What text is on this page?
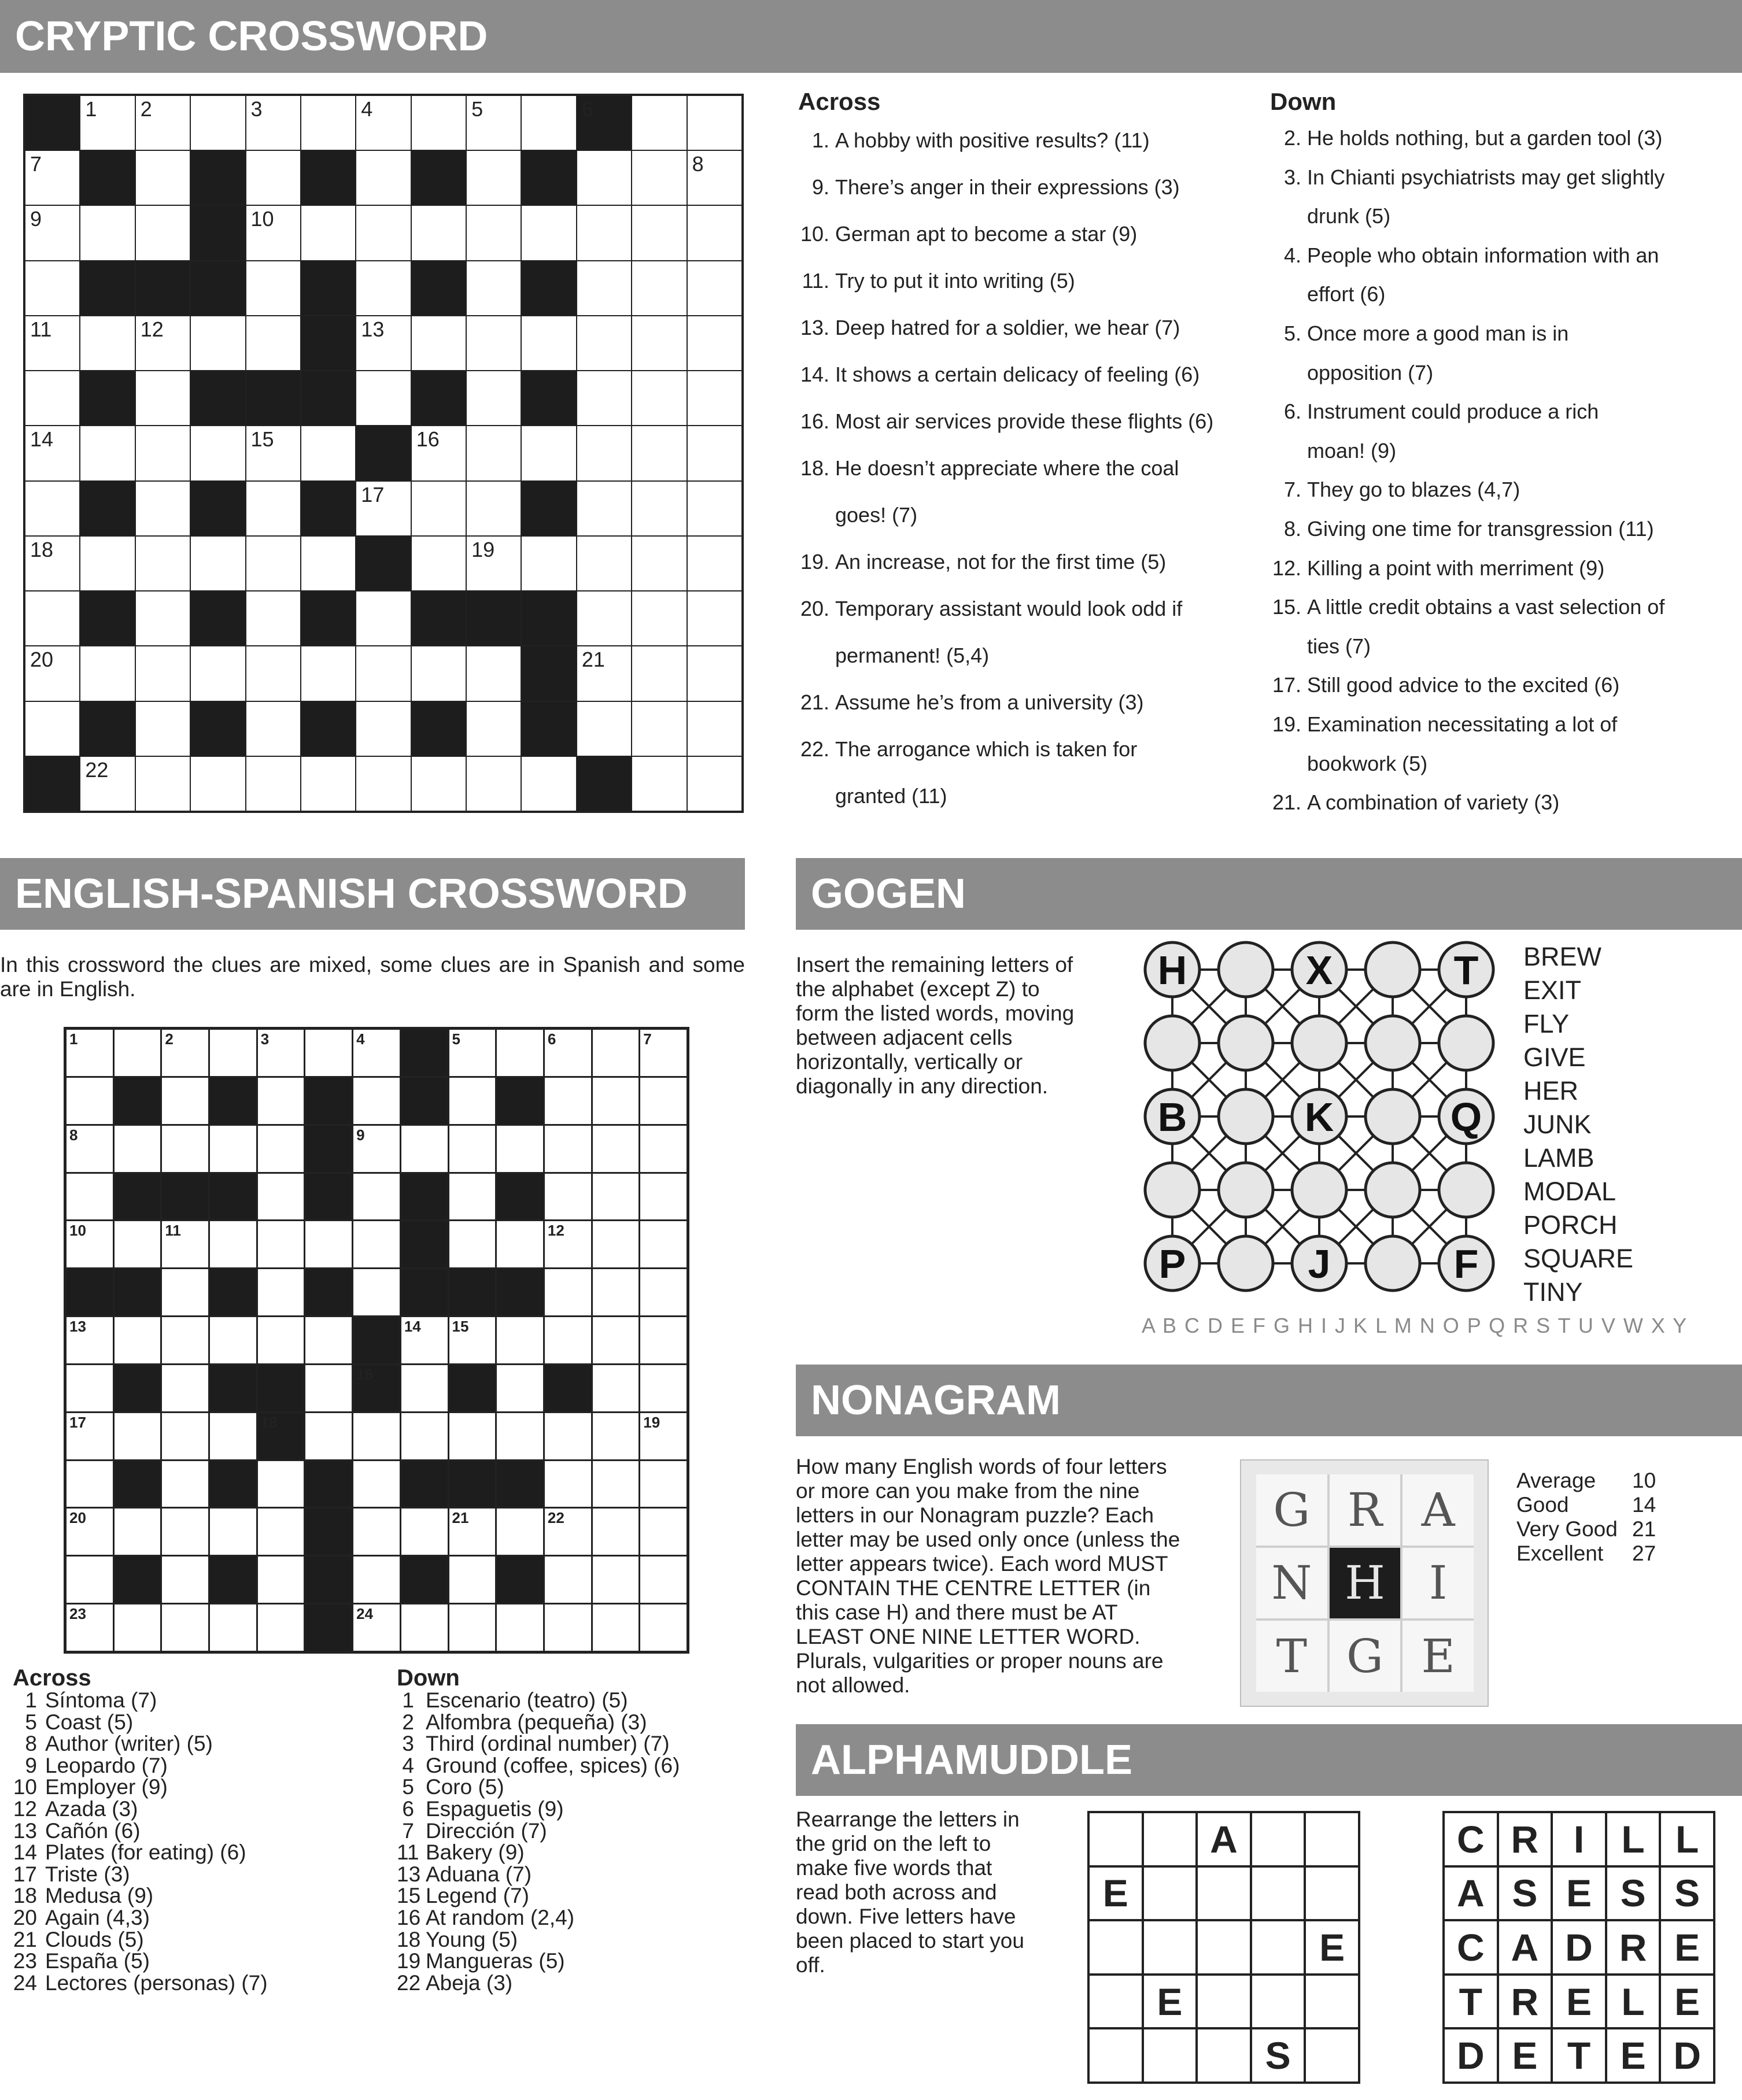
CRYPTIC CROSSWORD
1 2	3	4	5	6
7	8
9	10
11	12	13
14	15	16
17
18	19
20	21
22
Across
1. A hobby with positive results? (11)
9. There’s anger in their expressions (3)
10. German apt to become a star (9)
11. Try to put it into writing (5)
13. Deep hatred for a soldier, we hear (7)
14. It shows a certain delicacy of feeling (6)
16. Most air services provide these flights (6)
18. He doesn’t appreciate where the coal
goes! (7)
19. An increase, not for the first time (5)
20. Temporary assistant would look odd if
permanent! (5,4)
21. Assume he’s from a university (3)
22. The arrogance which is taken for
granted (11)
Down
2. He holds nothing, but a garden tool (3)
3. In Chianti psychiatrists may get slightly
drunk (5)
4. People who obtain information with an
effort (6)
5. Once more a good man is in
opposition (7)
6. Instrument could produce a rich
moan! (9)
7. They go to blazes (4,7)
8. Giving one time for transgression (11)
12. Killing a point with merriment (9)
15. A little credit obtains a vast selection of
ties (7)
17. Still good advice to the excited (6)
19. Examination necessitating a lot of
bookwork (5)
21. A combination of variety (3)
ENGLISH-SPANISH CROSSWORD
In this crossword the clues are mixed, some clues are in Spanish and some are in English.
1	2	3	4	5	6	7
8	9
10	11	12
13	14 15
16
17	18	19
20	21	22
23	24
Across
1 Síntoma (7)
5 Coast (5)
8 Author (writer) (5)
9 Leopardo (7)
10 Employer (9)
12 Azada (3)
13 Cañón (6)
14 Plates (for eating) (6)
17 Triste (3)
18 Medusa (9)
20 Again (4,3)
21 Clouds (5)
23 España (5)
24 Lectores (personas) (7)
Down
1 Escenario (teatro) (5)
2 Alfombra (pequeña) (3)
3 Third (ordinal number) (7)
4 Ground (coffee, spices) (6)
5 Coro (5)
6 Espaguetis (9)
7 Dirección (7)
11 Bakery (9)
13 Aduana (7)
15 Legend (7)
16 At random (2,4)
18 Young (5)
19 Mangueras (5)
22 Abeja (3)
GOGEN
Insert the remaining letters of the alphabet (except Z) to form the listed words, moving between adjacent cells horizontally, vertically or diagonally in any direction.
H	X	T
B	K	Q
P	J	F
BREW
EXIT
FLY
GIVE
HER
JUNK
LAMB
MODAL
PORCH
SQUARE
TINY
A B C D E F G H I J K L M N O P Q R S T U V W X Y
NONAGRAM
How many English words of four letters or more can you make from the nine letters in our Nonagram puzzle? Each letter may be used only once (unless the letter appears twice). Each word MUST CONTAIN THE CENTRE LETTER (in this case H) and there must be AT LEAST ONE NINE LETTER WORD. Plurals, vulgarities or proper nouns are not allowed.
G R A
N H I
T G E
Average	10
Good	14
Very Good 21
Excellent	27
ALPHAMUDDLE
Rearrange the letters in the grid on the left to make five words that read both across and down. Five letters have been placed to start you off.
A
E
E
E
S
C R I L L
A S E S S
C A D R E
T R E L E
D E T E D
